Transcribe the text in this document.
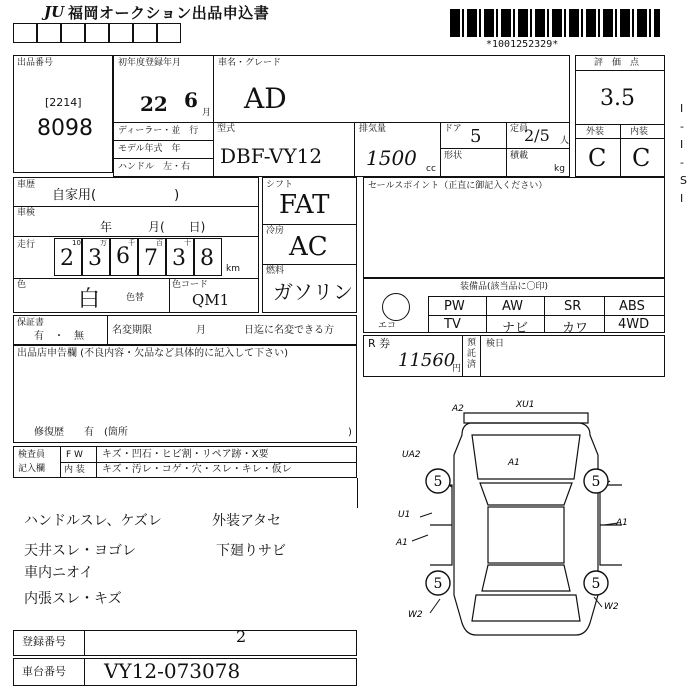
JU 福岡オークション出品申込書
*1001252329*
出品番号
[2214]
8098
初年度登録年月
22 6
月
車名・グレード
AD
ディーラー・並　行
モデル年式　年
ハンドル　左・右
型式
DBF-VY12
排気量
1500 cc
ドア 5	定員
2/5 人
形状	積載
kg
評　価　点
3.5
外装	内装
C C
I
-
I
-
S
I
車歴
自家用(　　　　　　)
車検
年　　　月(　　日)
走行	10	万	千	百	十
2 3 6 7 3 8 km
色
白	色替
色コード
QM1
シフト
FAT
冷房
AC
燃料
ガソリン
セールスポイント（正直に御記入ください）
装備品(該当品に〇印)
エコ
PW	AW	SR	ABS
TV	ナビ	カワ 4WD
保証書
有　・　無
名変期限	月	日迄に名変できる方
R 券
11560
円
預託済
検日
出品店申告欄 (不良内容・欠品など具体的に記入して下さい)
修復歴　　有　(箇所	)
検査員
記入欄
F W キズ・凹石・ヒビ割・リペア跡・X要
内 装 キズ・汚レ・コゲ・穴・スレ・キレ・仮レ
ハンドルスレ、ケズレ	外装アタセ
天井スレ・ヨゴレ	下廻りサビ
車内ニオイ
内張スレ・キズ
5	5
5	5
A2	XU1
A1
U1
A1
A1
W2
W2
UA2
登録番号	2
車台番号 VY12-073078
